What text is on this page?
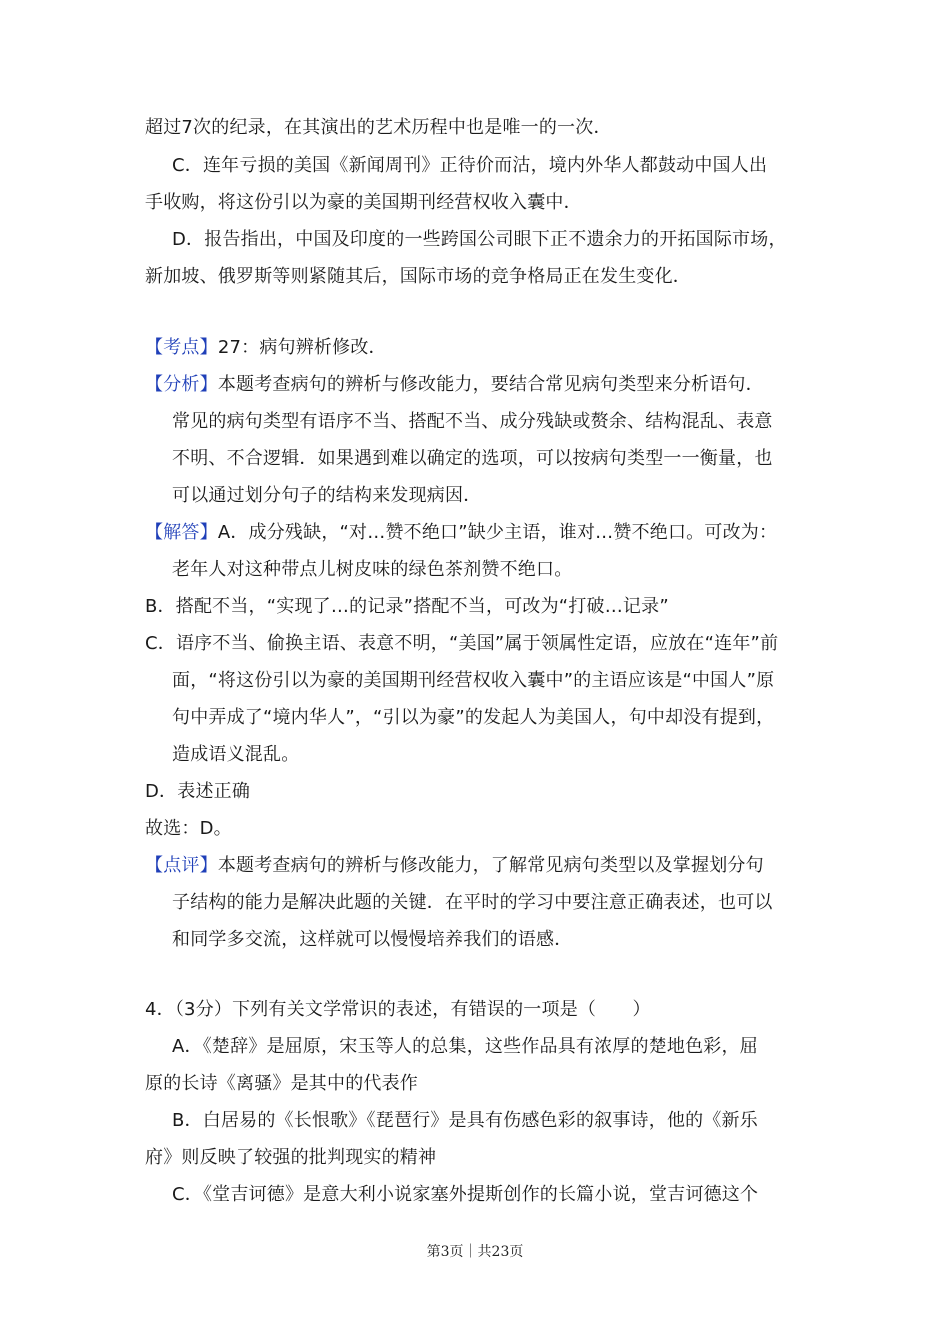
超过7次的纪录，在其演出的艺术历程中也是唯一的一次．
C．连年亏损的美国《新闻周刊》正待价而沽，境内外华人都鼓动中国人出
手收购，将这份引以为豪的美国期刊经营权收入囊中．
D．报告指出，中国及印度的一些跨国公司眼下正不遗余力的开拓国际市场，
新加坡、俄罗斯等则紧随其后，国际市场的竞争格局正在发生变化．
【考点】27：病句辨析修改．
【分析】本题考查病句的辨析与修改能力，要结合常见病句类型来分析语句．
常见的病句类型有语序不当、搭配不当、成分残缺或赘余、结构混乱、表意
不明、不合逻辑．如果遇到难以确定的选项，可以按病句类型一一衡量，也
可以通过划分句子的结构来发现病因．
【解答】A．成分残缺，“对…赞不绝口”缺少主语，谁对…赞不绝口。可改为：
老年人对这种带点儿树皮味的绿色茶剂赞不绝口。
B．搭配不当，“实现了…的记录”搭配不当，可改为“打破…记录”
C．语序不当、偷换主语、表意不明，“美国”属于领属性定语，应放在“连年”前
面，“将这份引以为豪的美国期刊经营权收入囊中”的主语应该是“中国人”原
句中弄成了“境内华人”，“引以为豪”的发起人为美国人，句中却没有提到，
造成语义混乱。
D．表述正确
故选：D。
【点评】本题考查病句的辨析与修改能力，了解常见病句类型以及掌握划分句
子结构的能力是解决此题的关键．在平时的学习中要注意正确表述，也可以
和同学多交流，这样就可以慢慢培养我们的语感．
4．（3分）下列有关文学常识的表述，有错误的一项是（　　）
A．《楚辞》是屈原，宋玉等人的总集，这些作品具有浓厚的楚地色彩，屈
原的长诗《离骚》是其中的代表作
B．白居易的《长恨歌》《琵琶行》是具有伤感色彩的叙事诗，他的《新乐
府》则反映了较强的批判现实的精神
C．《堂吉诃德》是意大利小说家塞外提斯创作的长篇小说，堂吉诃德这个
第3页｜共23页
